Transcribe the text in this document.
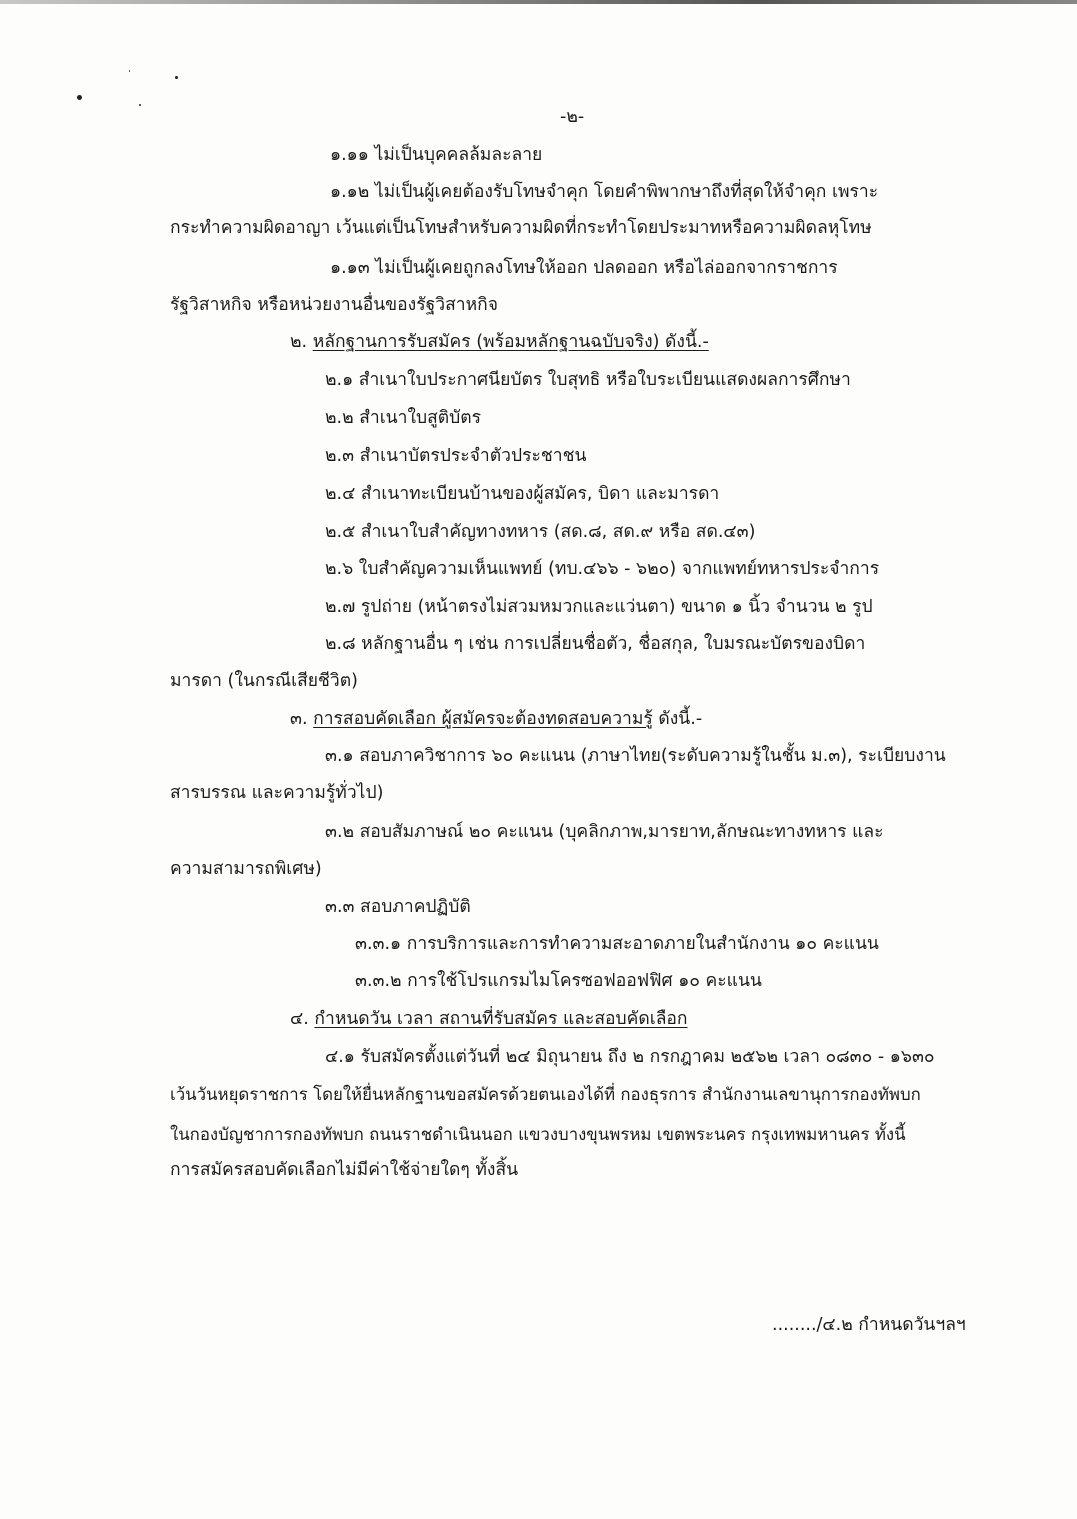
-๒-
๑.๑๑ ไม่เป็นบุคคลล้มละลาย
๑.๑๒ ไม่เป็นผู้เคยต้องรับโทษจำคุก โดยคำพิพากษาถึงที่สุดให้จำคุก เพราะ
กระทำความผิดอาญา เว้นแต่เป็นโทษสำหรับความผิดที่กระทำโดยประมาทหรือความผิดลหุโทษ
๑.๑๓ ไม่เป็นผู้เคยถูกลงโทษให้ออก ปลดออก หรือไล่ออกจากราชการ
รัฐวิสาหกิจ หรือหน่วยงานอื่นของรัฐวิสาหกิจ
๒. หลักฐานการรับสมัคร (พร้อมหลักฐานฉบับจริง) ดังนี้.-
๒.๑ สำเนาใบประกาศนียบัตร ใบสุทธิ หรือใบระเบียนแสดงผลการศึกษา
๒.๒ สำเนาใบสูติบัตร
๒.๓ สำเนาบัตรประจำตัวประชาชน
๒.๔ สำเนาทะเบียนบ้านของผู้สมัคร, บิดา และมารดา
๒.๕ สำเนาใบสำคัญทางทหาร (สด.๘, สด.๙ หรือ สด.๔๓)
๒.๖ ใบสำคัญความเห็นแพทย์ (ทบ.๔๖๖ - ๖๒๐) จากแพทย์ทหารประจำการ
๒.๗ รูปถ่าย (หน้าตรงไม่สวมหมวกและแว่นตา) ขนาด ๑ นิ้ว จำนวน ๒ รูป
๒.๘ หลักฐานอื่น ๆ เช่น การเปลี่ยนชื่อตัว, ชื่อสกุล, ใบมรณะบัตรของบิดา
มารดา (ในกรณีเสียชีวิต)
๓. การสอบคัดเลือก ผู้สมัครจะต้องทดสอบความรู้ ดังนี้.-
๓.๑ สอบภาควิชาการ ๖๐ คะแนน (ภาษาไทย(ระดับความรู้ในชั้น ม.๓), ระเบียบงาน
สารบรรณ และความรู้ทั่วไป)
๓.๒ สอบสัมภาษณ์ ๒๐ คะแนน (บุคลิกภาพ,มารยาท,ลักษณะทางทหาร และ
ความสามารถพิเศษ)
๓.๓ สอบภาคปฏิบัติ
๓.๓.๑ การบริการและการทำความสะอาดภายในสำนักงาน ๑๐ คะแนน
๓.๓.๒ การใช้โปรแกรมไมโครซอฟออฟฟิศ ๑๐ คะแนน
๔. กำหนดวัน เวลา สถานที่รับสมัคร และสอบคัดเลือก
๔.๑ รับสมัครตั้งแต่วันที่ ๒๔ มิถุนายน ถึง ๒ กรกฎาคม ๒๕๖๒ เวลา ๐๘๓๐ - ๑๖๓๐
เว้นวันหยุดราชการ โดยให้ยื่นหลักฐานขอสมัครด้วยตนเองได้ที่ กองธุรการ สำนักงานเลขานุการกองทัพบก
ในกองบัญชาการกองทัพบก ถนนราชดำเนินนอก แขวงบางขุนพรหม เขตพระนคร กรุงเทพมหานคร ทั้งนี้
การสมัครสอบคัดเลือกไม่มีค่าใช้จ่ายใดๆ ทั้งสิ้น
......../๔.๒ กำหนดวันฯลฯ
